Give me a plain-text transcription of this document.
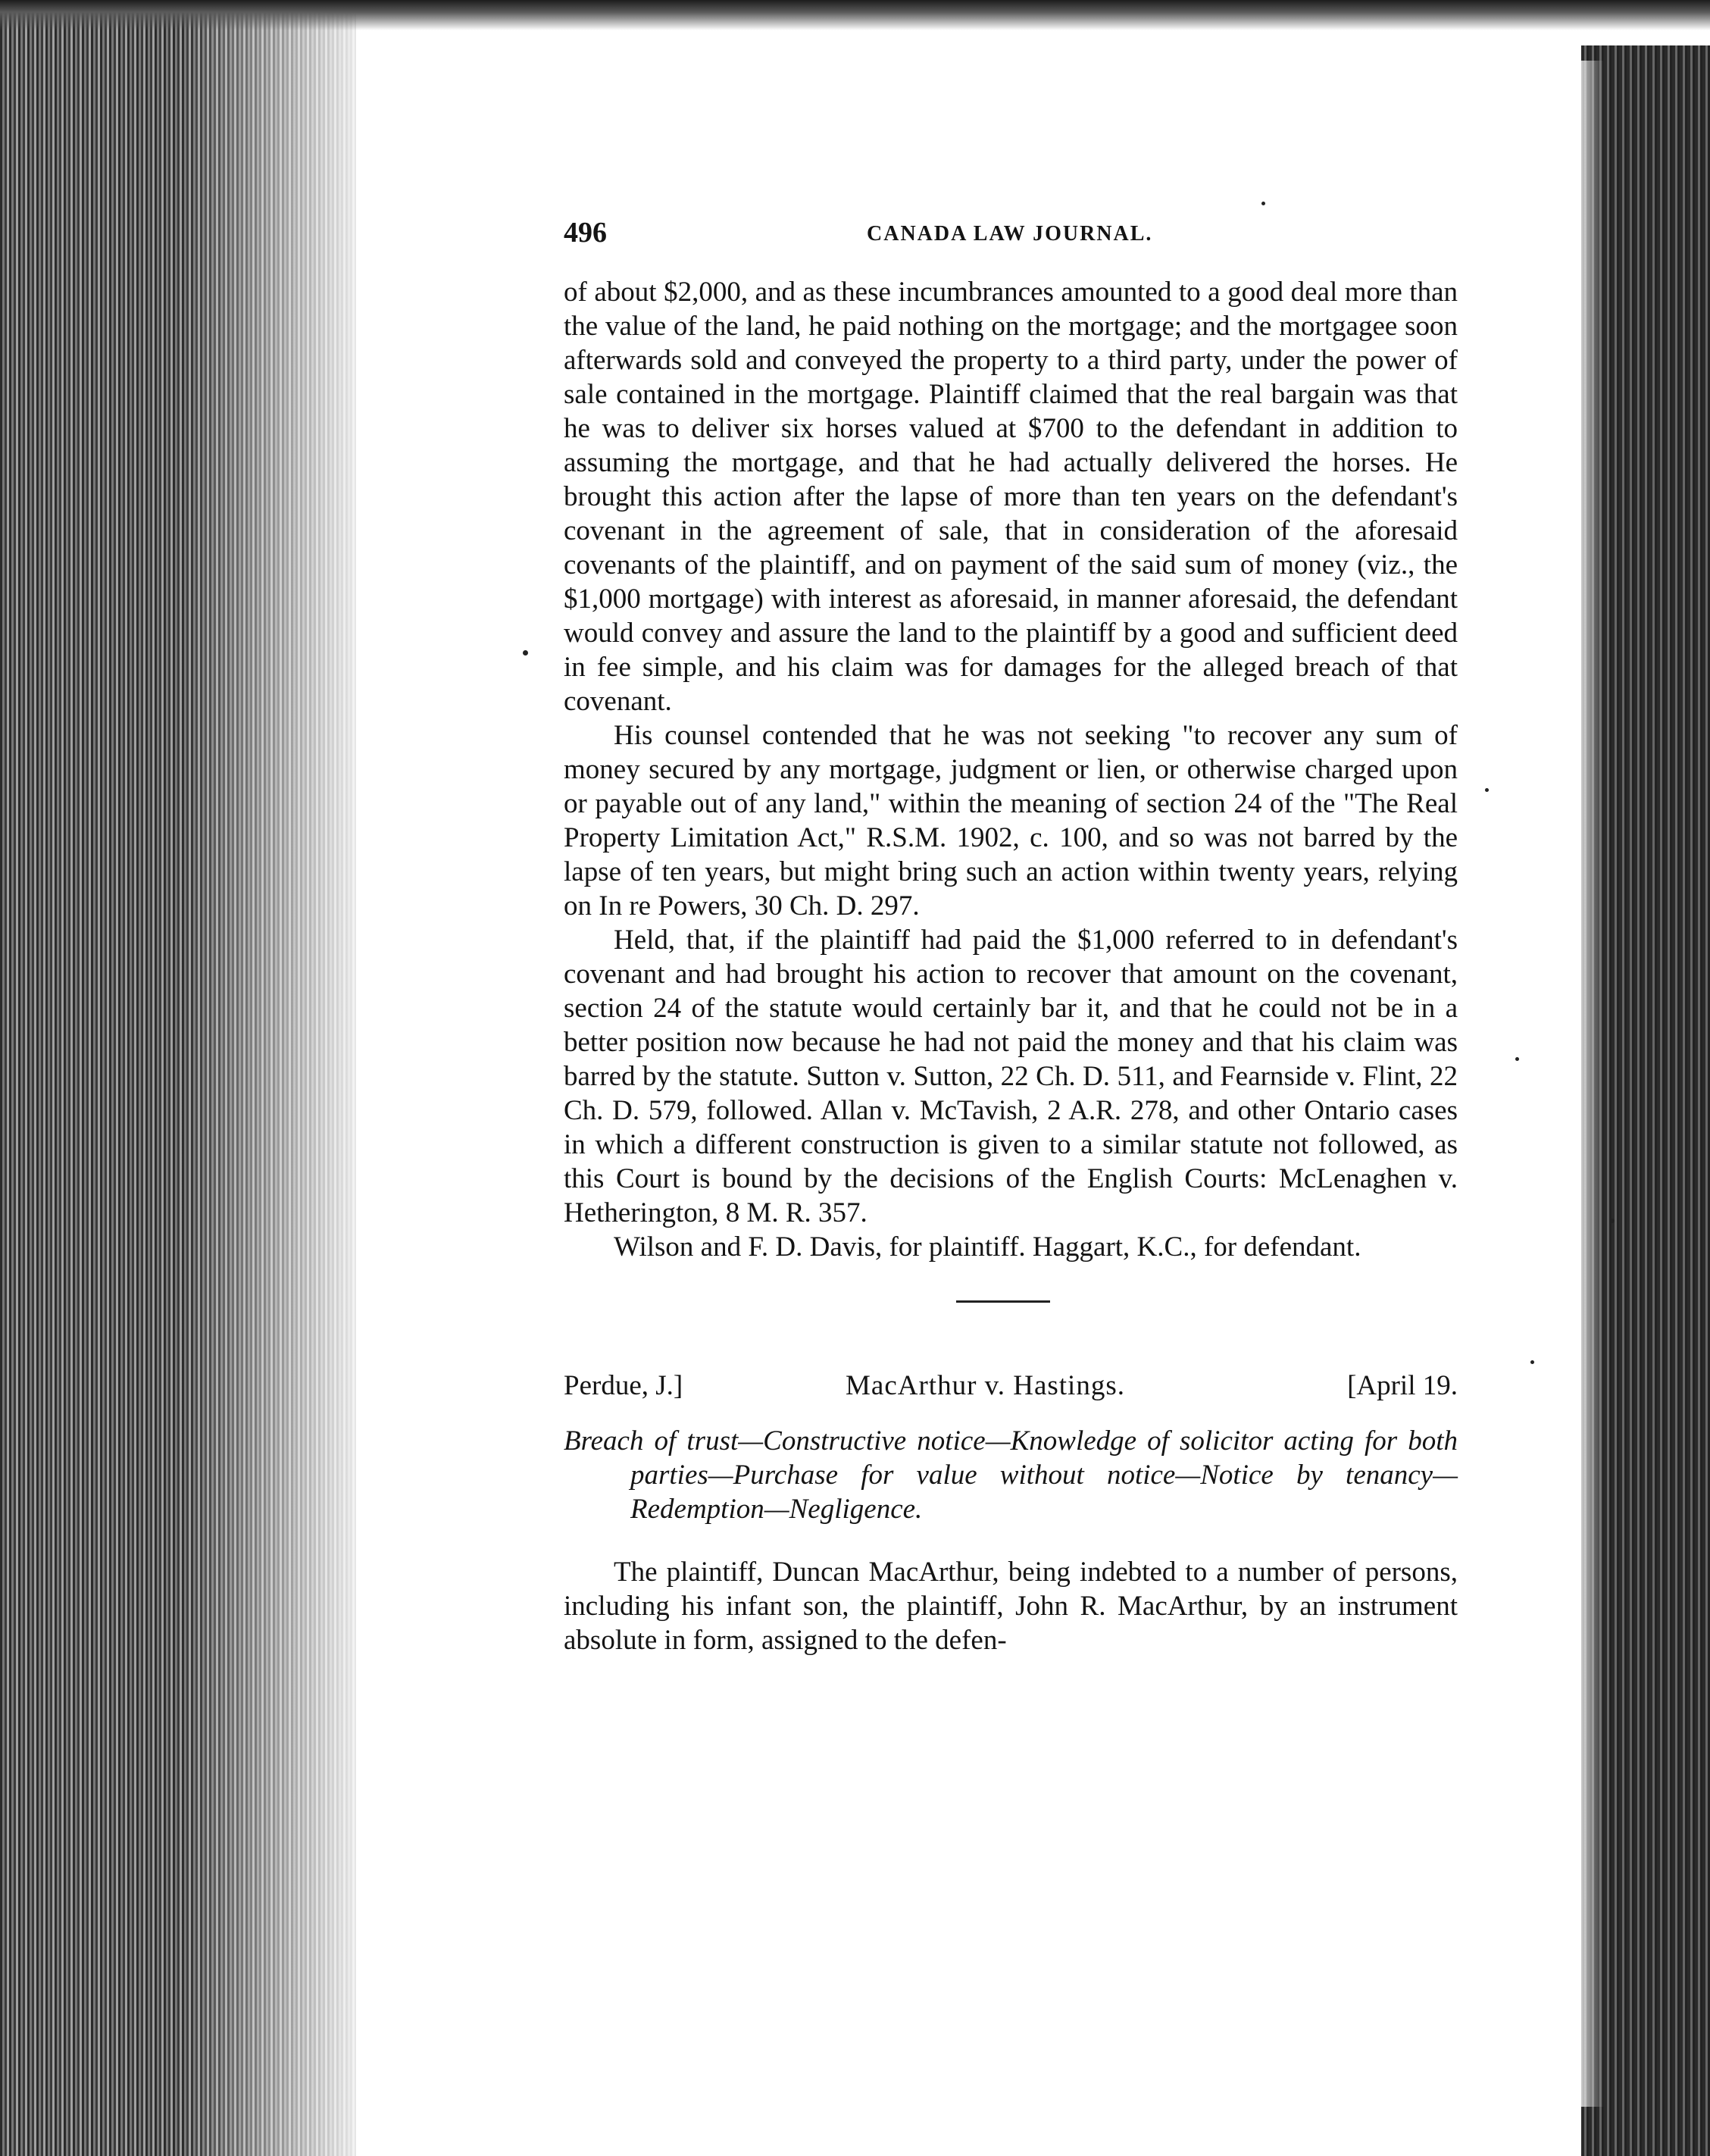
496	CANADA LAW JOURNAL.

of about $2,000, and as these incumbrances amounted to a good deal more than the value of the land, he paid nothing on the mortgage; and the mortgagee soon afterwards sold and conveyed the property to a third party, under the power of sale contained in the mortgage. Plaintiff claimed that the real bargain was that he was to deliver six horses valued at $700 to the defendant in addition to assuming the mortgage, and that he had actually delivered the horses. He brought this action after the lapse of more than ten years on the defendant's covenant in the agreement of sale, that in consideration of the aforesaid covenants of the plaintiff, and on payment of the said sum of money (viz., the $1,000 mortgage) with interest as aforesaid, in manner aforesaid, the defendant would convey and assure the land to the plaintiff by a good and sufficient deed in fee simple, and his claim was for damages for the alleged breach of that covenant.

His counsel contended that he was not seeking "to recover any sum of money secured by any mortgage, judgment or lien, or otherwise charged upon or payable out of any land," within the meaning of section 24 of the "The Real Property Limitation Act," R.S.M. 1902, c. 100, and so was not barred by the lapse of ten years, but might bring such an action within twenty years, relying on In re Powers, 30 Ch. D. 297.

Held, that, if the plaintiff had paid the $1,000 referred to in defendant's covenant and had brought his action to recover that amount on the covenant, section 24 of the statute would certainly bar it, and that he could not be in a better position now because he had not paid the money and that his claim was barred by the statute. Sutton v. Sutton, 22 Ch. D. 511, and Fearnside v. Flint, 22 Ch. D. 579, followed. Allan v. McTavish, 2 A.R. 278, and other Ontario cases in which a different construction is given to a similar statute not followed, as this Court is bound by the decisions of the English Courts: McLenaghen v. Hetherington, 8 M. R. 357.

Wilson and F. D. Davis, for plaintiff. Haggart, K.C., for defendant.

Perdue, J.]	MacArthur v. Hastings.	[April 19.
Breach of trust—Constructive notice—Knowledge of solicitor acting for both parties—Purchase for value without notice—Notice by tenancy—Redemption—Negligence.

The plaintiff, Duncan MacArthur, being indebted to a number of persons, including his infant son, the plaintiff, John R. MacArthur, by an instrument absolute in form, assigned to the defen-
